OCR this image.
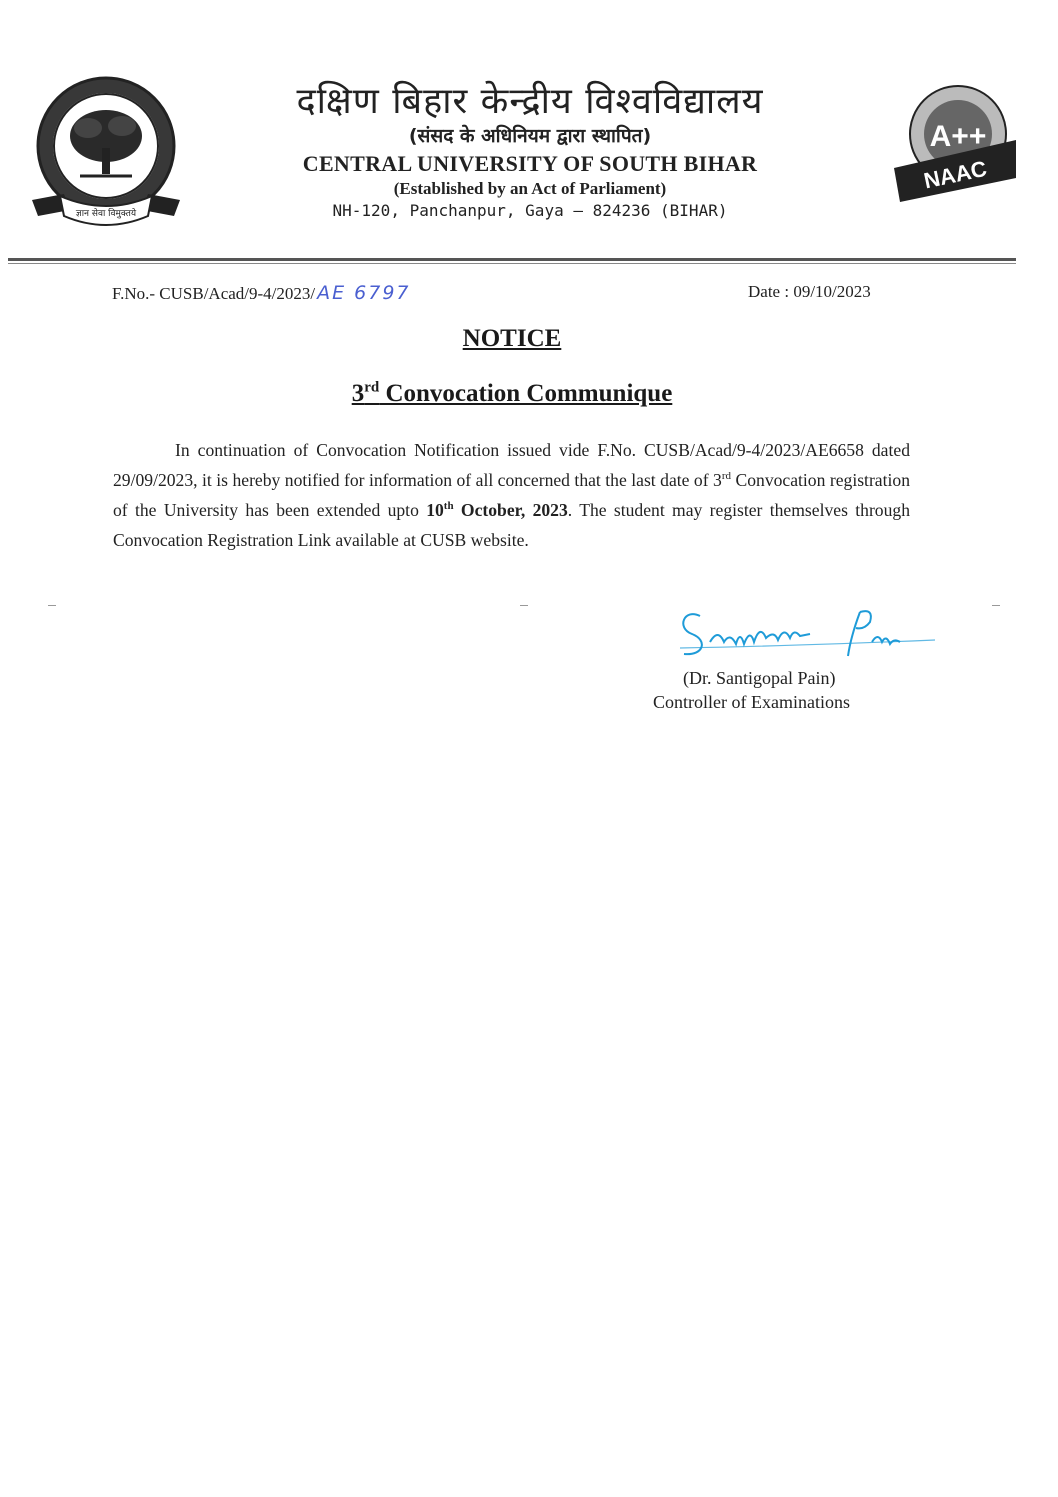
ज्ञान सेवा विमुक्तये
A++
NAAC
दक्षिण बिहार केन्द्रीय विश्वविद्यालय
(संसद के अधिनियम द्वारा स्थापित)
CENTRAL UNIVERSITY OF SOUTH BIHAR
(Established by an Act of Parliament)
NH-120, Panchanpur, Gaya – 824236 (BIHAR)
F.No.- CUSB/Acad/9-4/2023/ AE 6797	Date : 09/10/2023
NOTICE
3rd Convocation Communique
In continuation of Convocation Notification issued vide F.No. CUSB/Acad/9-4/2023/AE6658 dated 29/09/2023, it is hereby notified for information of all concerned that the last date of 3rd Convocation registration of the University has been extended upto 10th October, 2023. The student may register themselves through Convocation Registration Link available at CUSB website.
(Dr. Santigopal Pain)
Controller of Examinations
